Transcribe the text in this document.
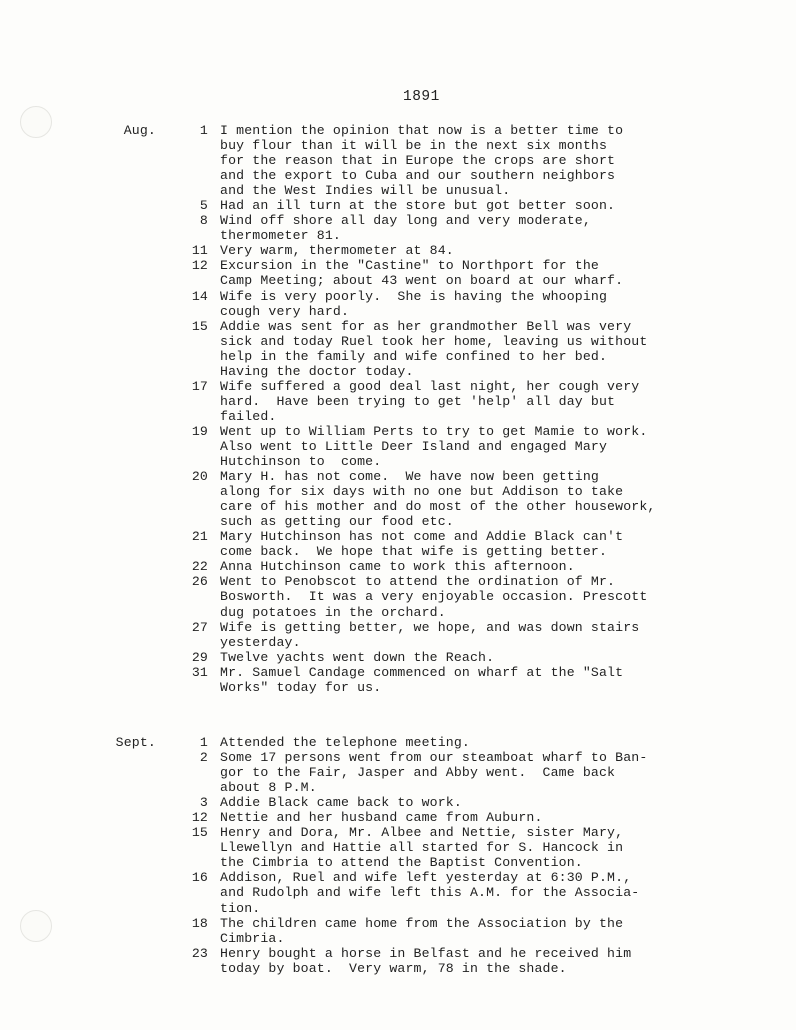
1891
Aug.	1 I mention the opinion that now is a better time to
buy flour than it will be in the next six months
for the reason that in Europe the crops are short
and the export to Cuba and our southern neighbors
and the West Indies will be unusual.
5 Had an ill turn at the store but got better soon.
8 Wind off shore all day long and very moderate,
thermometer 81.
11 Very warm, thermometer at 84.
12 Excursion in the "Castine" to Northport for the
Camp Meeting; about 43 went on board at our wharf.
14 Wife is very poorly.  She is having the whooping
cough very hard.
15 Addie was sent for as her grandmother Bell was very
sick and today Ruel took her home, leaving us without
help in the family and wife confined to her bed.
Having the doctor today.
17 Wife suffered a good deal last night, her cough very
hard.  Have been trying to get 'help' all day but
failed.
19 Went up to William Perts to try to get Mamie to work.
Also went to Little Deer Island and engaged Mary
Hutchinson to  come.
20 Mary H. has not come.  We have now been getting
along for six days with no one but Addison to take
care of his mother and do most of the other housework,
such as getting our food etc.
21 Mary Hutchinson has not come and Addie Black can't
come back.  We hope that wife is getting better.
22 Anna Hutchinson came to work this afternoon.
26 Went to Penobscot to attend the ordination of Mr.
Bosworth.  It was a very enjoyable occasion. Prescott
dug potatoes in the orchard.
27 Wife is getting better, we hope, and was down stairs
yesterday.
29 Twelve yachts went down the Reach.
31 Mr. Samuel Candage commenced on wharf at the "Salt
Works" today for us.
Sept.	1 Attended the telephone meeting.
2 Some 17 persons went from our steamboat wharf to Ban-
gor to the Fair, Jasper and Abby went.  Came back
about 8 P.M.
3 Addie Black came back to work.
12 Nettie and her husband came from Auburn.
15 Henry and Dora, Mr. Albee and Nettie, sister Mary,
Llewellyn and Hattie all started for S. Hancock in
the Cimbria to attend the Baptist Convention.
16 Addison, Ruel and wife left yesterday at 6:30 P.M.,
and Rudolph and wife left this A.M. for the Associa-
tion.
18 The children came home from the Association by the
Cimbria.
23 Henry bought a horse in Belfast and he received him
today by boat.  Very warm, 78 in the shade.
